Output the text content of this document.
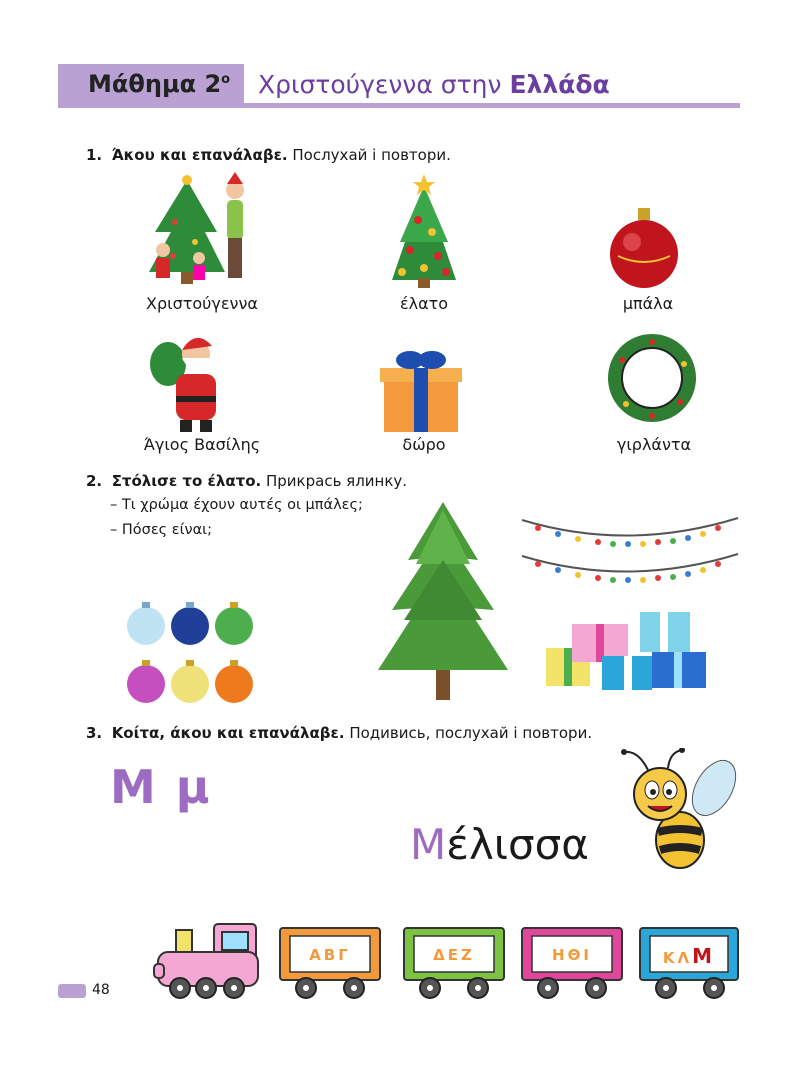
Μάθημα $2^o$ Χριστούγεννα στην Ελλάδα
1. Άκου και επανάλαβε. Послухай і повтори.
Χριστούγεννα	έλατο	μπάλα
Άγιος Βασίλης	δώρο	γιρλάντα
2. Στόλισε το έλατο. Прикрась ялинку.
– Τι χρώμα έχουν αυτές οι μπάλες;
– Πόσες είναι;
3. Κοίτα, άκου και επανάλαβε. Подивись, послухай і повтори.
Μ μ
Μέλισσα
ΑΒΓ	ΔΕΖ	ΗΘΙ	ΚΛΜ
48
